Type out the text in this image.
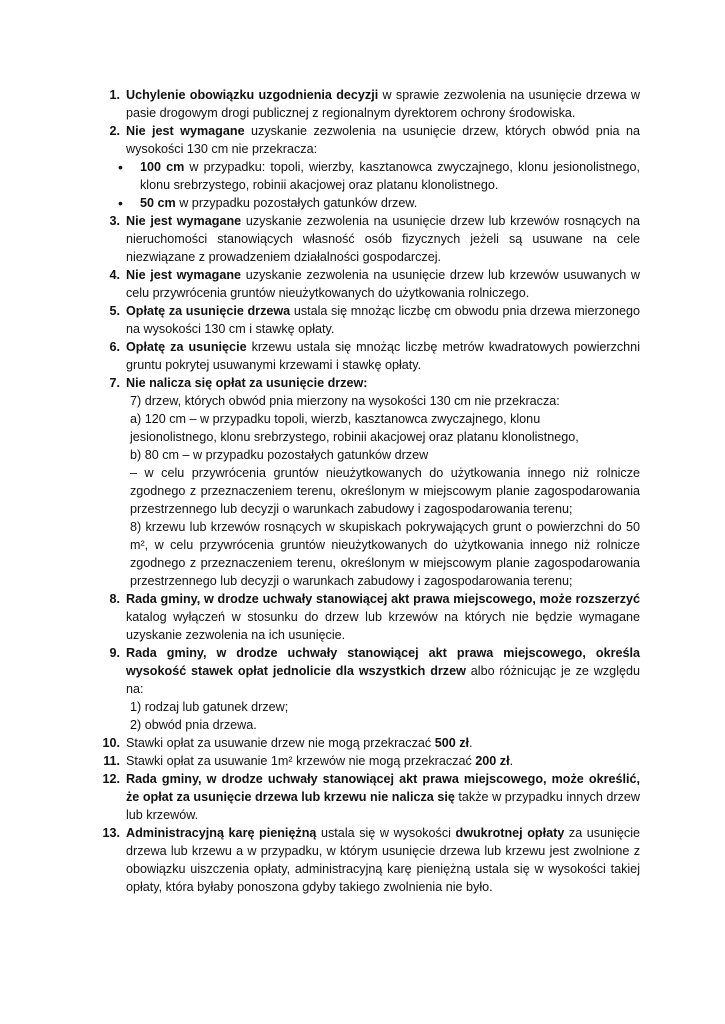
1. Uchylenie obowiązku uzgodnienia decyzji w sprawie zezwolenia na usunięcie drzewa w pasie drogowym drogi publicznej z regionalnym dyrektorem ochrony środowiska.
2. Nie jest wymagane uzyskanie zezwolenia na usunięcie drzew, których obwód pnia na wysokości 130 cm nie przekracza:
• 100 cm w przypadku: topoli, wierzby, kasztanowca zwyczajnego, klonu jesionolistnego, klonu srebrzystego, robinii akacjowej oraz platanu klonolistnego.
• 50 cm w przypadku pozostałych gatunków drzew.
3. Nie jest wymagane uzyskanie zezwolenia na usunięcie drzew lub krzewów rosnących na nieruchomości stanowiących własność osób fizycznych jeżeli są usuwane na cele niezwiązane z prowadzeniem działalności gospodarczej.
4. Nie jest wymagane uzyskanie zezwolenia na usunięcie drzew lub krzewów usuwanych w celu przywrócenia gruntów nieużytkowanych do użytkowania rolniczego.
5. Opłatę za usunięcie drzewa ustala się mnożąc liczbę cm obwodu pnia drzewa mierzonego na wysokości 130 cm i stawkę opłaty.
6. Opłatę za usunięcie krzewu ustala się mnożąc liczbę metrów kwadratowych powierzchni gruntu pokrytej usuwanymi krzewami i stawkę opłaty.
7. Nie nalicza się opłat za usunięcie drzew:
7) drzew, których obwód pnia mierzony na wysokości 130 cm nie przekracza:
a) 120 cm – w przypadku topoli, wierzb, kasztanowca zwyczajnego, klonu
jesionolistnego, klonu srebrzystego, robinii akacjowej oraz platanu klonolistnego,
b) 80 cm – w przypadku pozostałych gatunków drzew
– w celu przywrócenia gruntów nieużytkowanych do użytkowania innego niż rolnicze zgodnego z przeznaczeniem terenu, określonym w miejscowym planie zagospodarowania przestrzennego lub decyzji o warunkach zabudowy i zagospodarowania terenu;
8) krzewu lub krzewów rosnących w skupiskach pokrywających grunt o powierzchni do 50 m², w celu przywrócenia gruntów nieużytkowanych do użytkowania innego niż rolnicze zgodnego z przeznaczeniem terenu, określonym w miejscowym planie zagospodarowania przestrzennego lub decyzji o warunkach zabudowy i zagospodarowania terenu;
8. Rada gminy, w drodze uchwały stanowiącej akt prawa miejscowego, może rozszerzyć katalog wyłączeń w stosunku do drzew lub krzewów na których nie będzie wymagane uzyskanie zezwolenia na ich usunięcie.
9. Rada gminy, w drodze uchwały stanowiącej akt prawa miejscowego, określa wysokość stawek opłat jednolicie dla wszystkich drzew albo różnicując je ze względu na:
1) rodzaj lub gatunek drzew;
2) obwód pnia drzewa.
10. Stawki opłat za usuwanie drzew nie mogą przekraczać 500 zł.
11. Stawki opłat za usuwanie 1m² krzewów nie mogą przekraczać 200 zł.
12. Rada gminy, w drodze uchwały stanowiącej akt prawa miejscowego, może określić, że opłat za usunięcie drzewa lub krzewu nie nalicza się także w przypadku innych drzew lub krzewów.
13. Administracyjną karę pieniężną ustala się w wysokości dwukrotnej opłaty za usunięcie drzewa lub krzewu a w przypadku, w którym usunięcie drzewa lub krzewu jest zwolnione z obowiązku uiszczenia opłaty, administracyjną karę pieniężną ustala się w wysokości takiej opłaty, która byłaby ponoszona gdyby takiego zwolnienia nie było.
